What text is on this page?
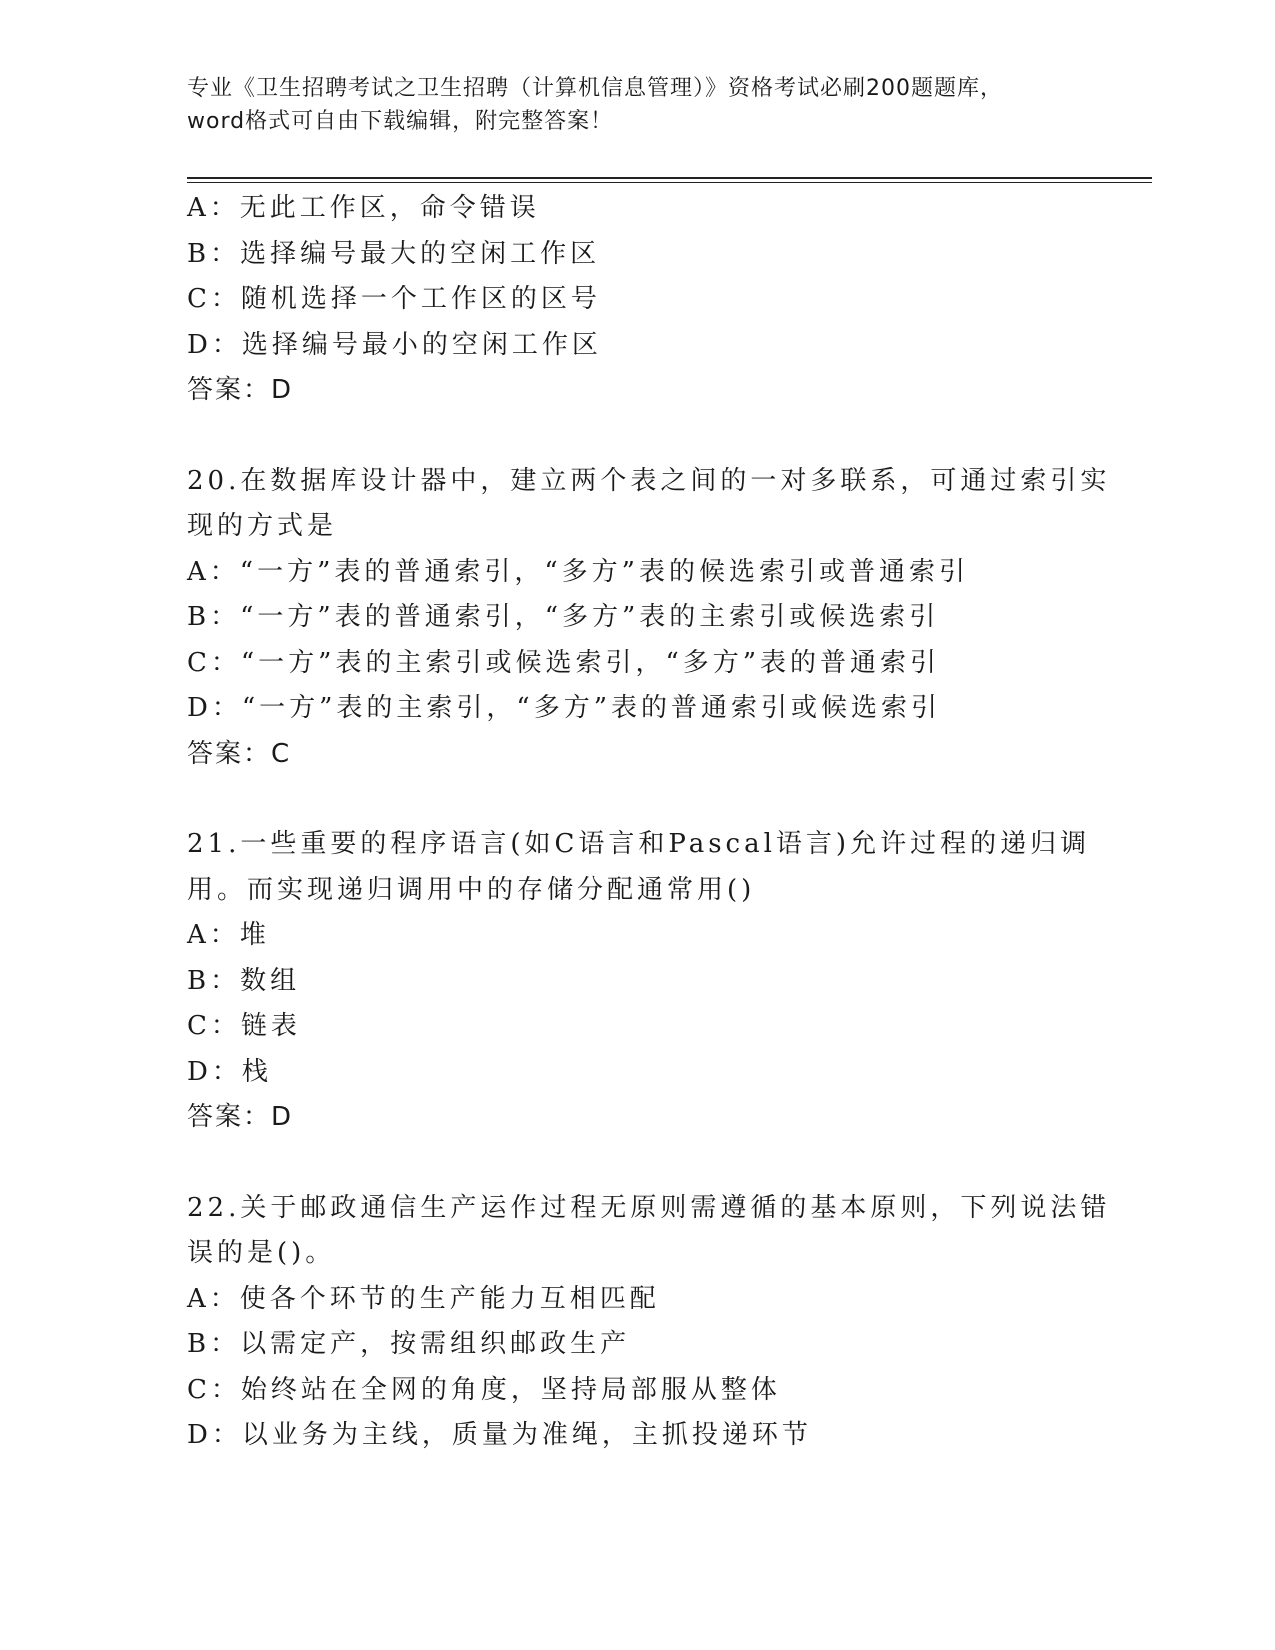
专业《卫生招聘考试之卫生招聘（计算机信息管理）》资格考试必刷200题题库，
word格式可自由下载编辑，附完整答案！
A：无此工作区，命令错误
B：选择编号最大的空闲工作区
C：随机选择一个工作区的区号
D：选择编号最小的空闲工作区
答案：D
20.在数据库设计器中，建立两个表之间的一对多联系，可通过索引实
现的方式是
A：“一方”表的普通索引，“多方”表的候选索引或普通索引
B：“一方”表的普通索引，“多方”表的主索引或候选索引
C：“一方”表的主索引或候选索引，“多方”表的普通索引
D：“一方”表的主索引，“多方”表的普通索引或候选索引
答案：C
21.一些重要的程序语言(如C语言和Pascal语言)允许过程的递归调
用。而实现递归调用中的存储分配通常用()
A：堆
B：数组
C：链表
D：栈
答案：D
22.关于邮政通信生产运作过程无原则需遵循的基本原则，下列说法错
误的是()。
A：使各个环节的生产能力互相匹配
B：以需定产，按需组织邮政生产
C：始终站在全网的角度，坚持局部服从整体
D：以业务为主线，质量为准绳，主抓投递环节
